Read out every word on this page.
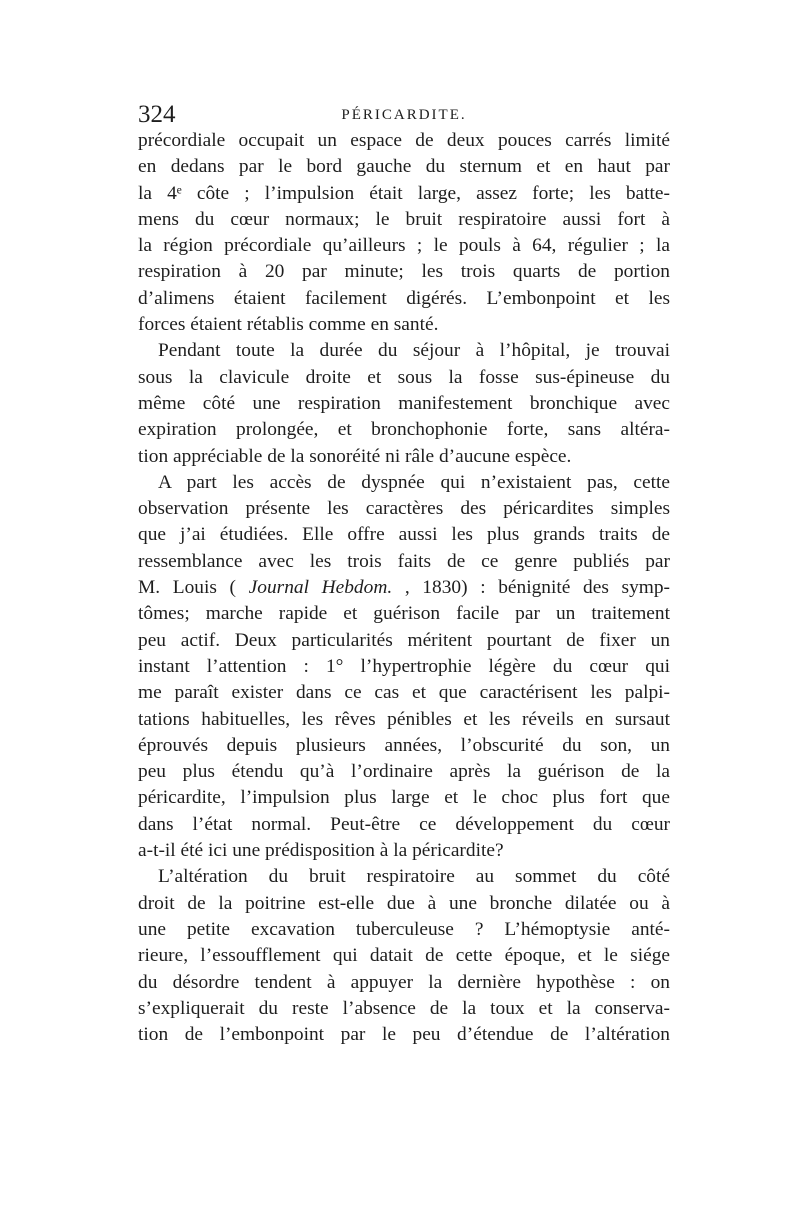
324	PÉRICARDITE.
précordiale occupait un espace de deux pouces carrés limité
en dedans par le bord gauche du sternum et en haut par
la 4ᵉ côte ; l’impulsion était large, assez forte; les batte-
mens du cœur normaux; le bruit respiratoire aussi fort à
la région précordiale qu’ailleurs ; le pouls à 64, régulier ; la
respiration à 20 par minute; les trois quarts de portion
d’alimens étaient facilement digérés. L’embonpoint et les
forces étaient rétablis comme en santé.
Pendant toute la durée du séjour à l’hôpital, je trouvai
sous la clavicule droite et sous la fosse sus-épineuse du
même côté une respiration manifestement bronchique avec
expiration prolongée, et bronchophonie forte, sans altéra-
tion appréciable de la sonoréité ni râle d’aucune espèce.
A part les accès de dyspnée qui n’existaient pas, cette
observation présente les caractères des péricardites simples
que j’ai étudiées. Elle offre aussi les plus grands traits de
ressemblance avec les trois faits de ce genre publiés par
M. Louis ( Journal Hebdom. , 1830) : bénignité des symp-
tômes; marche rapide et guérison facile par un traitement
peu actif. Deux particularités méritent pourtant de fixer un
instant l’attention : 1° l’hypertrophie légère du cœur qui
me paraît exister dans ce cas et que caractérisent les palpi-
tations habituelles, les rêves pénibles et les réveils en sursaut
éprouvés depuis plusieurs années, l’obscurité du son, un
peu plus étendu qu’à l’ordinaire après la guérison de la
péricardite, l’impulsion plus large et le choc plus fort que
dans l’état normal. Peut-être ce développement du cœur
a-t-il été ici une prédisposition à la péricardite?
L’altération du bruit respiratoire au sommet du côté
droit de la poitrine est-elle due à une bronche dilatée ou à
une petite excavation tuberculeuse ? L’hémoptysie anté-
rieure, l’essoufflement qui datait de cette époque, et le siége
du désordre tendent à appuyer la dernière hypothèse : on
s’expliquerait du reste l’absence de la toux et la conserva-
tion de l’embonpoint par le peu d’étendue de l’altération
